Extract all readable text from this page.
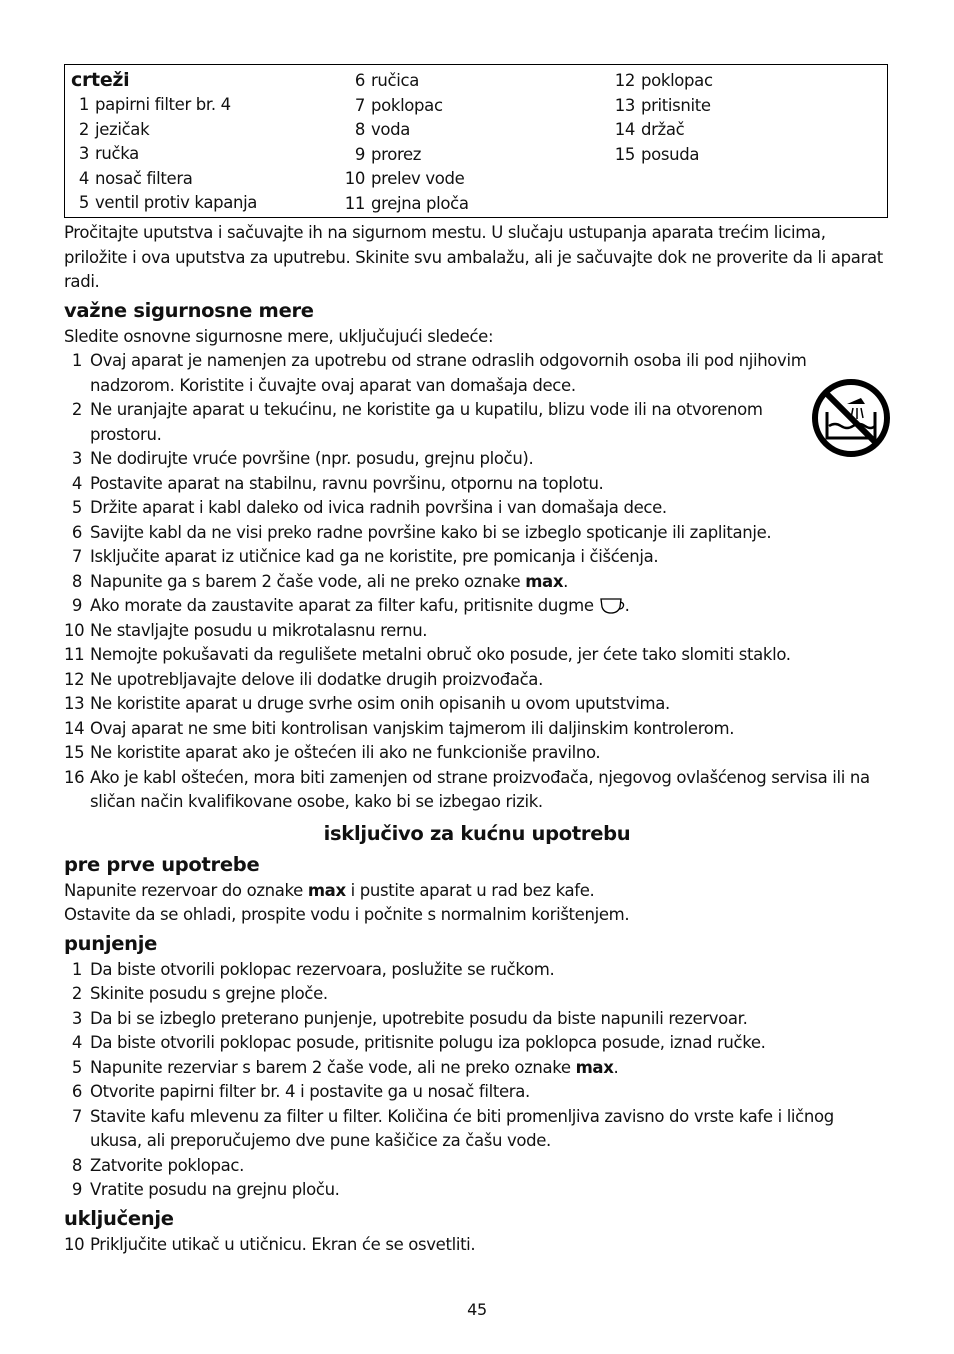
crteži
1 papirni filter br. 4
2 jezičak
3 ručka
4 nosač filtera
5 ventil protiv kapanja
6 ručica
7 poklopac
8 voda
9 prorez
10 prelev vode
11 grejna ploča
12 poklopac
13 pritisnite
14 držač
15 posuda

Pročitajte uputstva i sačuvajte ih na sigurnom mestu. U slučaju ustupanja aparata trećim licima, priložite i ova uputstva za uputrebu. Skinite svu ambalažu, ali je sačuvajte dok ne proverite da li aparat radi.

važne sigurnosne mere

Sledite osnovne sigurnosne mere, uključujući sledeće:

1 Ovaj aparat je namenjen za upotrebu od strane odraslih odgovornih osoba ili pod njihovim nadzorom. Koristite i čuvajte ovaj aparat van domašaja dece.
2 Ne uranjajte aparat u tekućinu, ne koristite ga u kupatilu, blizu vode ili na otvorenom prostoru.
3 Ne dodirujte vruće površine (npr. posudu, grejnu ploču).
4 Postavite aparat na stabilnu, ravnu površinu, otpornu na toplotu.
5 Držite aparat i kabl daleko od ivica radnih površina i van domašaja dece.
6 Savijte kabl da ne visi preko radne površine kako bi se izbeglo spoticanje ili zaplitanje.
7 Isključite aparat iz utičnice kad ga ne koristite, pre pomicanja i čišćenja.
8 Napunite ga s barem 2 čaše vode, ali ne preko oznake max.
9 Ako morate da zaustavite aparat za filter kafu, pritisnite dugme .
10 Ne stavljajte posudu u mikrotalasnu rernu.
11 Nemojte pokušavati da regulišete metalni obruč oko posude, jer ćete tako slomiti staklo.
12 Ne upotrebljavajte delove ili dodatke drugih proizvođača.
13 Ne koristite aparat u druge svrhe osim onih opisanih u ovom uputstvima.
14 Ovaj aparat ne sme biti kontrolisan vanjskim tajmerom ili daljinskim kontrolerom.
15 Ne koristite aparat ako je oštećen ili ako ne funkcioniše pravilno.
16 Ako je kabl oštećen, mora biti zamenjen od strane proizvođača, njegovog ovlašćenog servisa ili na sličan način kvalifikovane osobe, kako bi se izbegao rizik.
isključivo za kućnu upotrebu
pre prve upotrebe

Napunite rezervoar do oznake max i pustite aparat u rad bez kafe.

Ostavite da se ohladi, prospite vodu i počnite s normalnim korištenjem.

punjenje
1 Da biste otvorili poklopac rezervoara, poslužite se ručkom.
2 Skinite posudu s grejne ploče.
3 Da bi se izbeglo preterano punjenje, upotrebite posudu da biste napunili rezervoar.
4 Da biste otvorili poklopac posude, pritisnite polugu iza poklopca posude, iznad ručke.
5 Napunite rezerviar s barem 2 čaše vode, ali ne preko oznake max.
6 Otvorite papirni filter br. 4 i postavite ga u nosač filtera.
7 Stavite kafu mlevenu za filter u filter. Količina će biti promenljiva zavisno do vrste kafe i ličnog ukusa, ali preporučujemo dve pune kašičice za čašu vode.
8 Zatvorite poklopac.
9 Vratite posudu na grejnu ploču.
uključenje
10 Priključite utikač u utičnicu. Ekran će se osvetliti.
45
